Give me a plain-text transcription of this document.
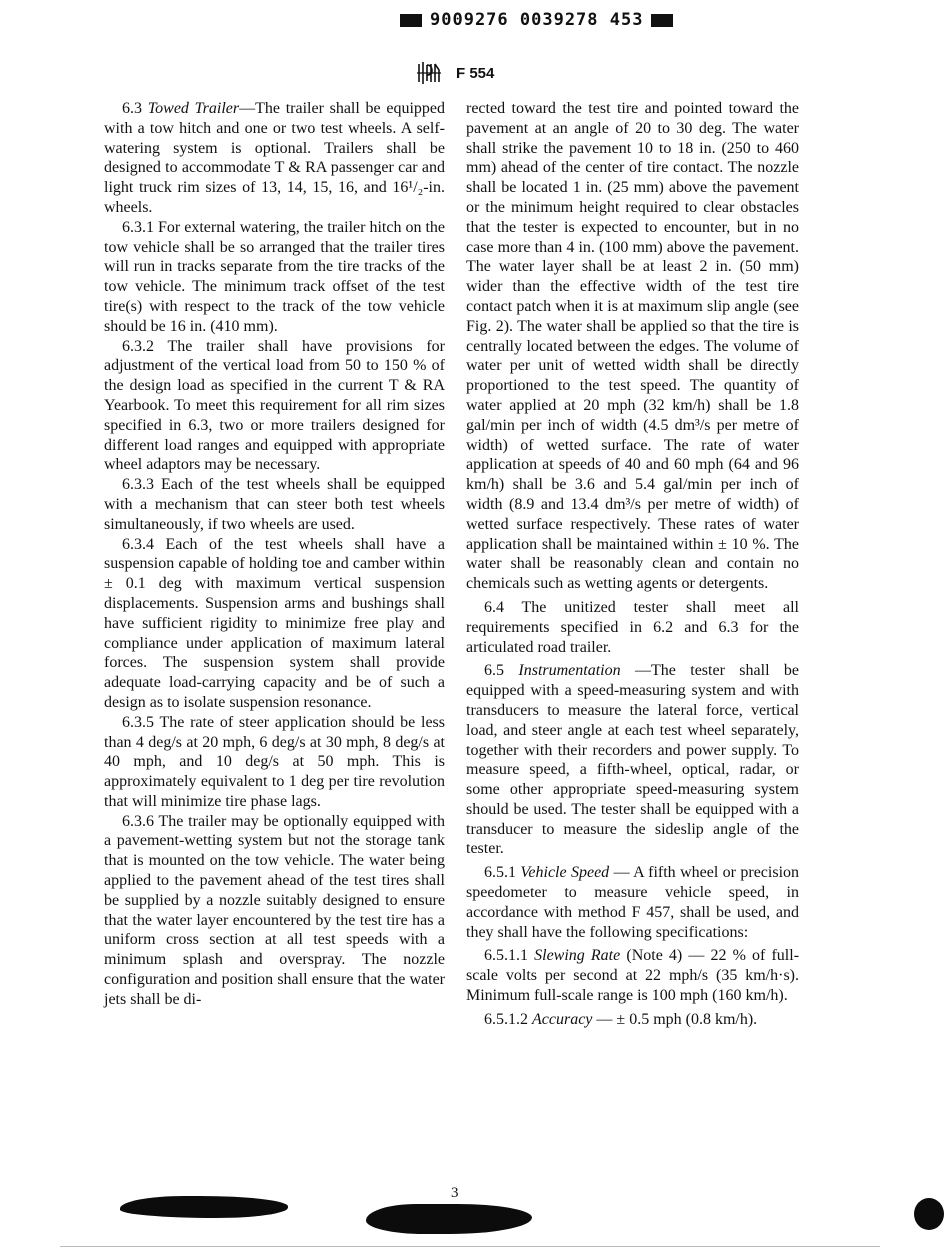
9009276 0039278 453
F 554

6.3 Towed Trailer—The trailer shall be equipped with a tow hitch and one or two test wheels. A self-watering system is optional. Trailers shall be designed to accommodate T & RA passenger car and light truck rim sizes of 13, 14, 15, 16, and 16¹/₂-in. wheels.

6.3.1 For external watering, the trailer hitch on the tow vehicle shall be so arranged that the trailer tires will run in tracks separate from the tire tracks of the tow vehicle. The minimum track offset of the test tire(s) with respect to the track of the tow vehicle should be 16 in. (410 mm).

6.3.2 The trailer shall have provisions for adjustment of the vertical load from 50 to 150 % of the design load as specified in the current T & RA Yearbook. To meet this requirement for all rim sizes specified in 6.3, two or more trailers designed for different load ranges and equipped with appropriate wheel adaptors may be necessary.

6.3.3 Each of the test wheels shall be equipped with a mechanism that can steer both test wheels simultaneously, if two wheels are used.

6.3.4 Each of the test wheels shall have a suspension capable of holding toe and camber within ± 0.1 deg with maximum vertical suspension displacements. Suspension arms and bushings shall have sufficient rigidity to minimize free play and compliance under application of maximum lateral forces. The suspension system shall provide adequate load-carrying capacity and be of such a design as to isolate suspension resonance.

6.3.5 The rate of steer application should be less than 4 deg/s at 20 mph, 6 deg/s at 30 mph, 8 deg/s at 40 mph, and 10 deg/s at 50 mph. This is approximately equivalent to 1 deg per tire revolution that will minimize tire phase lags.

6.3.6 The trailer may be optionally equipped with a pavement-wetting system but not the storage tank that is mounted on the tow vehicle. The water being applied to the pavement ahead of the test tires shall be supplied by a nozzle suitably designed to ensure that the water layer encountered by the test tire has a uniform cross section at all test speeds with a minimum splash and overspray. The nozzle configuration and position shall ensure that the water jets shall be di-

rected toward the test tire and pointed toward the pavement at an angle of 20 to 30 deg. The water shall strike the pavement 10 to 18 in. (250 to 460 mm) ahead of the center of tire contact. The nozzle shall be located 1 in. (25 mm) above the pavement or the minimum height required to clear obstacles that the tester is expected to encounter, but in no case more than 4 in. (100 mm) above the pavement. The water layer shall be at least 2 in. (50 mm) wider than the effective width of the test tire contact patch when it is at maximum slip angle (see Fig. 2). The water shall be applied so that the tire is centrally located between the edges. The volume of water per unit of wetted width shall be directly proportioned to the test speed. The quantity of water applied at 20 mph (32 km/h) shall be 1.8 gal/min per inch of width (4.5 dm³/s per metre of width) of wetted surface. The rate of water application at speeds of 40 and 60 mph (64 and 96 km/h) shall be 3.6 and 5.4 gal/min per inch of width (8.9 and 13.4 dm³/s per metre of width) of wetted surface respectively. These rates of water application shall be maintained within ± 10 %. The water shall be reasonably clean and contain no chemicals such as wetting agents or detergents.

6.4 The unitized tester shall meet all requirements specified in 6.2 and 6.3 for the articulated road trailer.

6.5 Instrumentation —The tester shall be equipped with a speed-measuring system and with transducers to measure the lateral force, vertical load, and steer angle at each test wheel separately, together with their recorders and power supply. To measure speed, a fifth-wheel, optical, radar, or some other appropriate speed-measuring system should be used. The tester shall be equipped with a transducer to measure the sideslip angle of the tester.

6.5.1 Vehicle Speed — A fifth wheel or precision speedometer to measure vehicle speed, in accordance with method F 457, shall be used, and they shall have the following specifications:

6.5.1.1 Slewing Rate (Note 4) — 22 % of full-scale volts per second at 22 mph/s (35 km/h·s). Minimum full-scale range is 100 mph (160 km/h).

6.5.1.2 Accuracy — ± 0.5 mph (0.8 km/h).

3
